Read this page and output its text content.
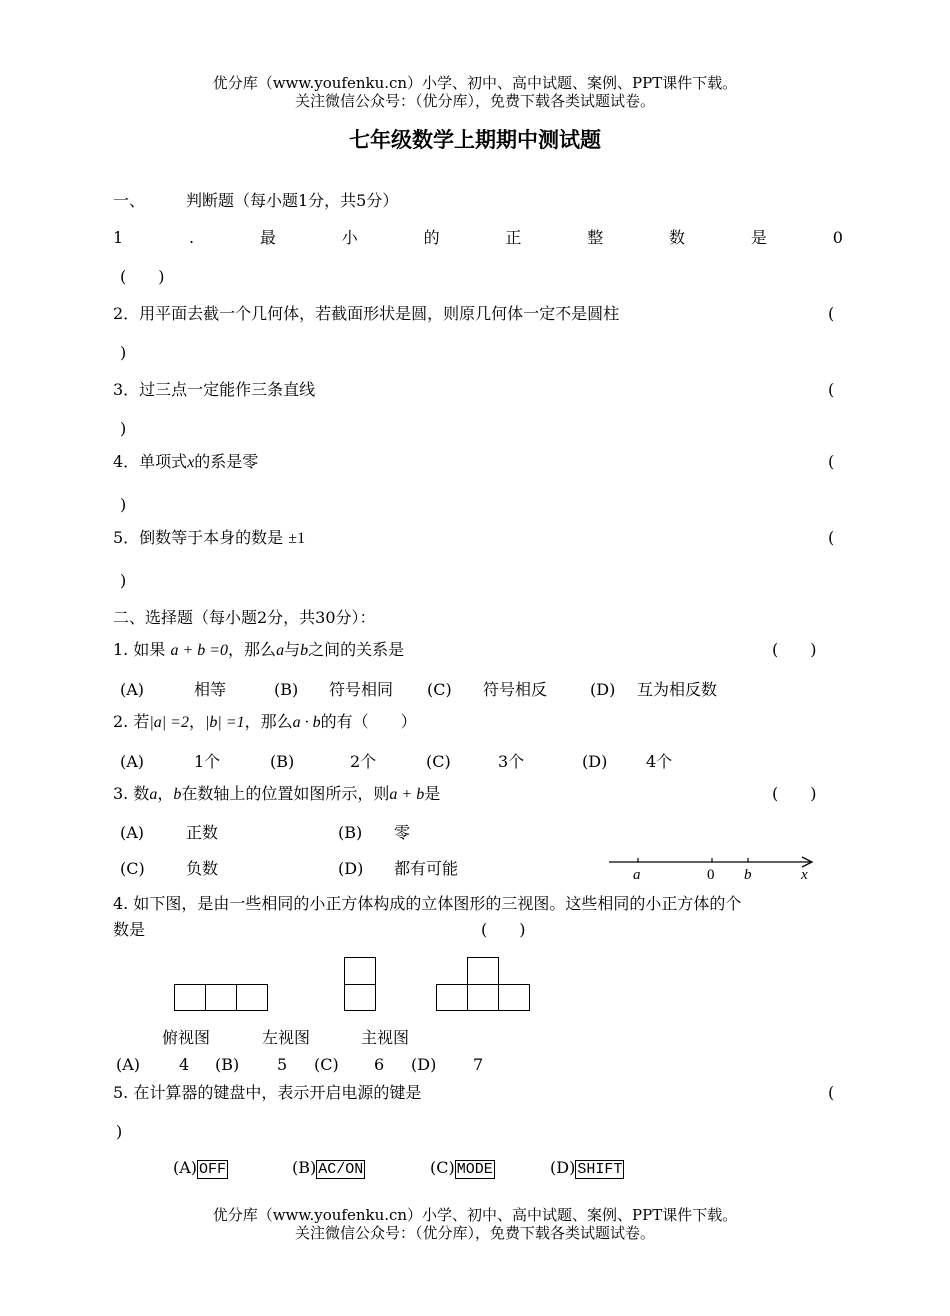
优分库（www.youfenku.cn）小学、初中、高中试题、案例、PPT课件下载。
关注微信公众号：（优分库），免费下载各类试题试卷。
七年级数学上期期中测试题
一、	判断题（每小题1分，共5分）
1	.	最	小	的	正	整	数	是	0
(　　)
2．用平面去截一个几何体，若截面形状是圆，则原几何体一定不是圆柱	(
)
3．过三点一定能作三条直线	(
)
4．单项式x的系是零	(
)
5．倒数等于本身的数是 ±1	(
)
二、选择题（每小题2分，共30分）：
1. 如果 a + b =0，那么a与b之间的关系是	(　　)
(A)	相等	(B) 符号相同 (C) 符号相反	(D) 互为相反数
2. 若|a| =2，|b| =1，那么a · b的有（　　）
(A)	1个	(B)	2个	(C)	3个	(D) 4个
3. 数a，b在数轴上的位置如图所示，则a + b是	(　　)
(A)	正数	(B) 零
(C)	负数	(D) 都有可能	a	0 b	x
4. 如下图，是由一些相同的小正方体构成的立体图形的三视图。这些相同的小正方体的个
数是	(　　)
俯视图	左视图	主视图
(A) 4 (B) 5 (C) 6 (D) 7
5. 在计算器的键盘中，表示开启电源的键是	(
)
(A) OFF	(B) AC/ON	(C) MODE	(D) SHIFT
优分库（www.youfenku.cn）小学、初中、高中试题、案例、PPT课件下载。
关注微信公众号：（优分库），免费下载各类试题试卷。
